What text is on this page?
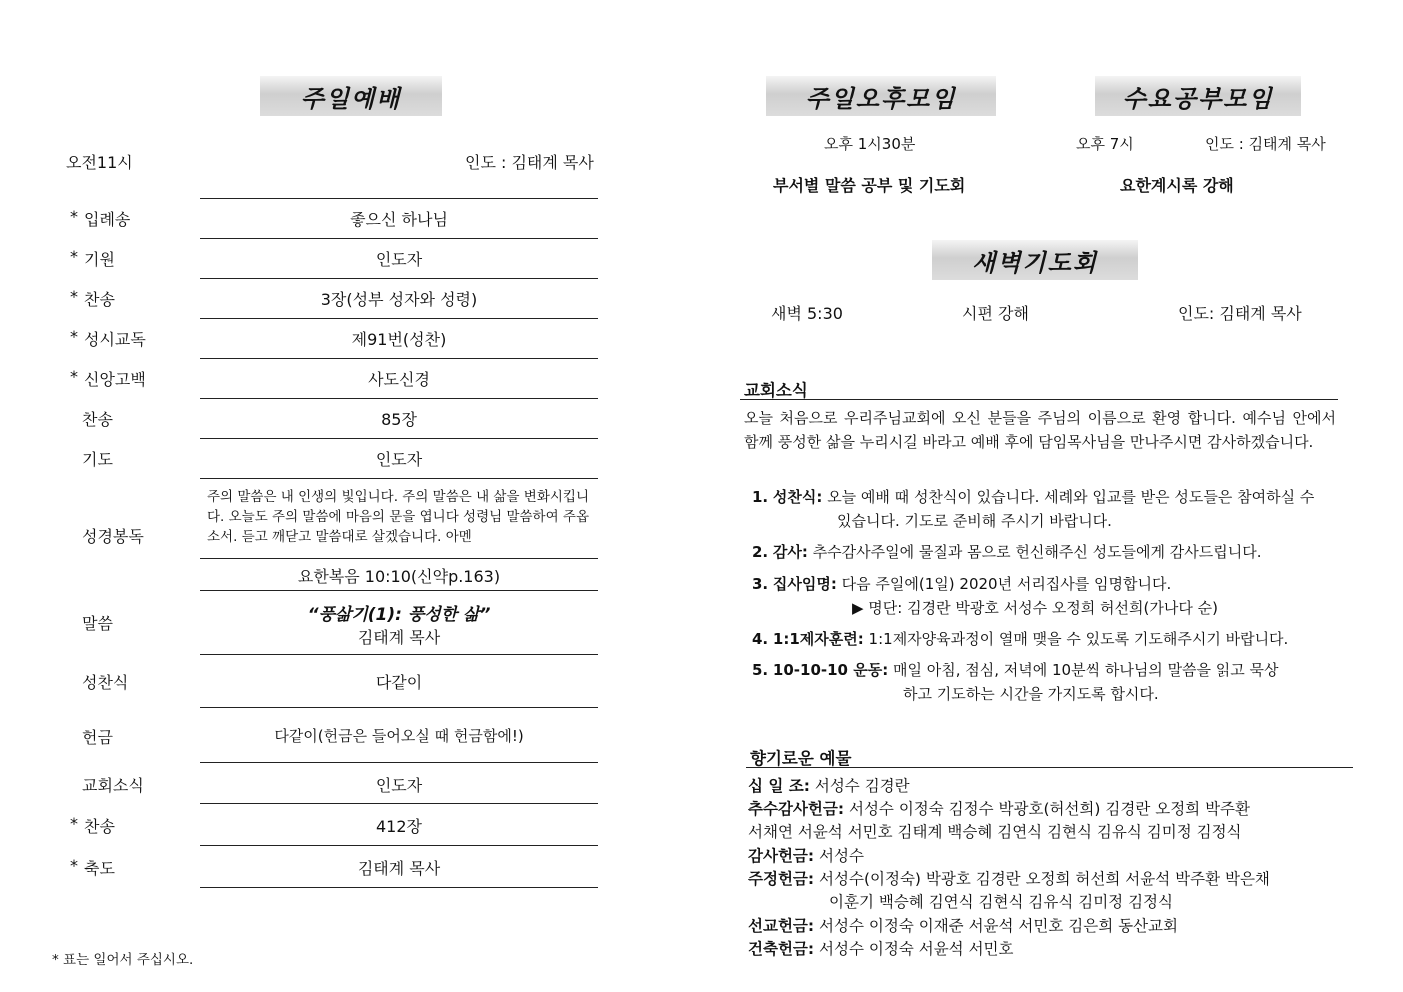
주일예배
오전11시	인도 : 김태계 목사
* 입례송	좋으신 하나님
* 기원	인도자
* 찬송	3장(성부 성자와 성령)
* 성시교독	제91번(성찬)
* 신앙고백	사도신경
찬송	85장
기도	인도자
성경봉독
주의 말씀은 내 인생의 빛입니다. 주의 말씀은 내 삶을 변화시킵니다. 오늘도 주의 말씀에 마음의 문을 엽니다 성령님 말씀하여 주옵소서. 듣고 깨닫고 말씀대로 살겠습니다. 아멘
요한복음 10:10(신약p.163)
말씀	“풍삶기(1): 풍성한 삶”
김태계 목사
성찬식	다같이
헌금	다같이(헌금은 들어오실 때 헌금함에!)
교회소식	인도자
* 찬송	412장
* 축도	김태계 목사
* 표는 일어서 주십시오.
주일오후모임	수요공부모임
오후 1시30분	오후 7시	인도 : 김태계 목사
부서별 말씀 공부 및 기도회	요한계시록 강해
새벽기도회
새벽 5:30	시편 강해	인도: 김태계 목사
교회소식
오늘 처음으로 우리주님교회에 오신 분들을 주님의 이름으로 환영 합니다. 예수님 안에서 함께 풍성한 삶을 누리시길 바라고 예배 후에 담임목사님을 만나주시면 감사하겠습니다.
1. 성찬식: 오늘 예배 때 성찬식이 있습니다. 세례와 입교를 받은 성도들은 참여하실 수
있습니다. 기도로 준비해 주시기 바랍니다.
2. 감사: 추수감사주일에 물질과 몸으로 헌신해주신 성도들에게 감사드립니다.
3. 집사임명: 다음 주일에(1일) 2020년 서리집사를 임명합니다.
▶ 명단: 김경란 박광호 서성수 오정희 허선희(가나다 순)
4. 1:1제자훈련: 1:1제자양육과정이 열매 맺을 수 있도록 기도해주시기 바랍니다.
5. 10-10-10 운동: 매일 아침, 점심, 저녁에 10분씩 하나님의 말씀을 읽고 묵상
하고 기도하는 시간을 가지도록 합시다.
향기로운 예물
십 일 조: 서성수 김경란
추수감사헌금: 서성수 이정숙 김정수 박광호(허선희) 김경란 오정희 박주환
서채연 서윤석 서민호 김태계 백승혜 김연식 김현식 김유식 김미정 김정식
감사헌금: 서성수
주정헌금: 서성수(이정숙) 박광호 김경란 오정희 허선희 서윤석 박주환 박은채
이훈기 백승혜 김연식 김현식 김유식 김미정 김정식
선교헌금: 서성수 이정숙 이재준 서윤석 서민호 김은희 동산교회
건축헌금: 서성수 이정숙 서윤석 서민호
